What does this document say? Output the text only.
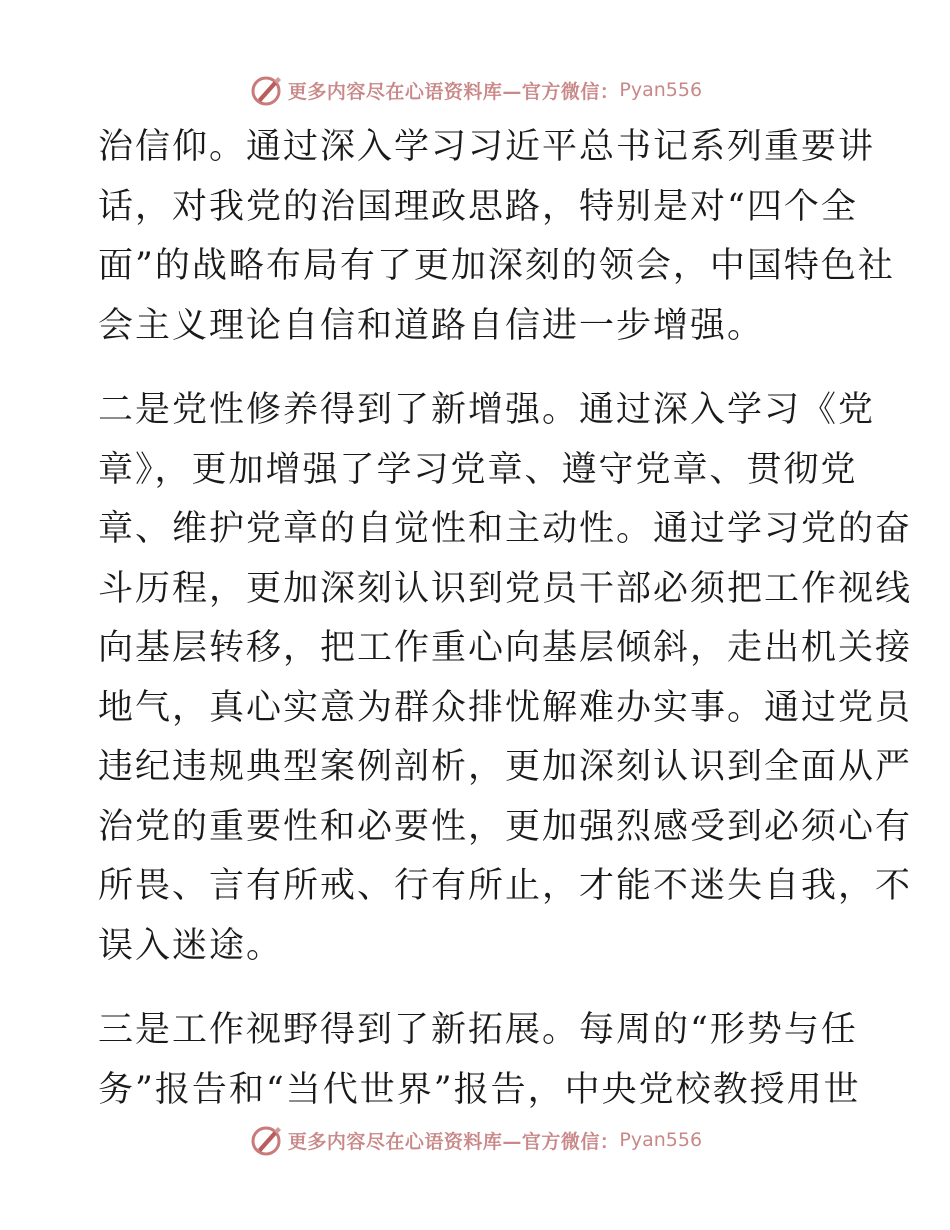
更多内容尽在心语资料库—官方微信： Pyan556

治信仰。通过深入学习习近平总书记系列重要讲
话，对我党的治国理政思路，特别是对“四个全
面”的战略布局有了更加深刻的领会，中国特色社
会主义理论自信和道路自信进一步增强。

二是党性修养得到了新增强。通过深入学习《党
章》，更加增强了学习党章、遵守党章、贯彻党
章、维护党章的自觉性和主动性。通过学习党的奋
斗历程，更加深刻认识到党员干部必须把工作视线
向基层转移，把工作重心向基层倾斜，走出机关接
地气，真心实意为群众排忧解难办实事。通过党员
违纪违规典型案例剖析，更加深刻认识到全面从严
治党的重要性和必要性，更加强烈感受到必须心有
所畏、言有所戒、行有所止，才能不迷失自我，不
误入迷途。

三是工作视野得到了新拓展。每周的“形势与任
务”报告和“当代世界”报告，中央党校教授用世

更多内容尽在心语资料库—官方微信： Pyan556
